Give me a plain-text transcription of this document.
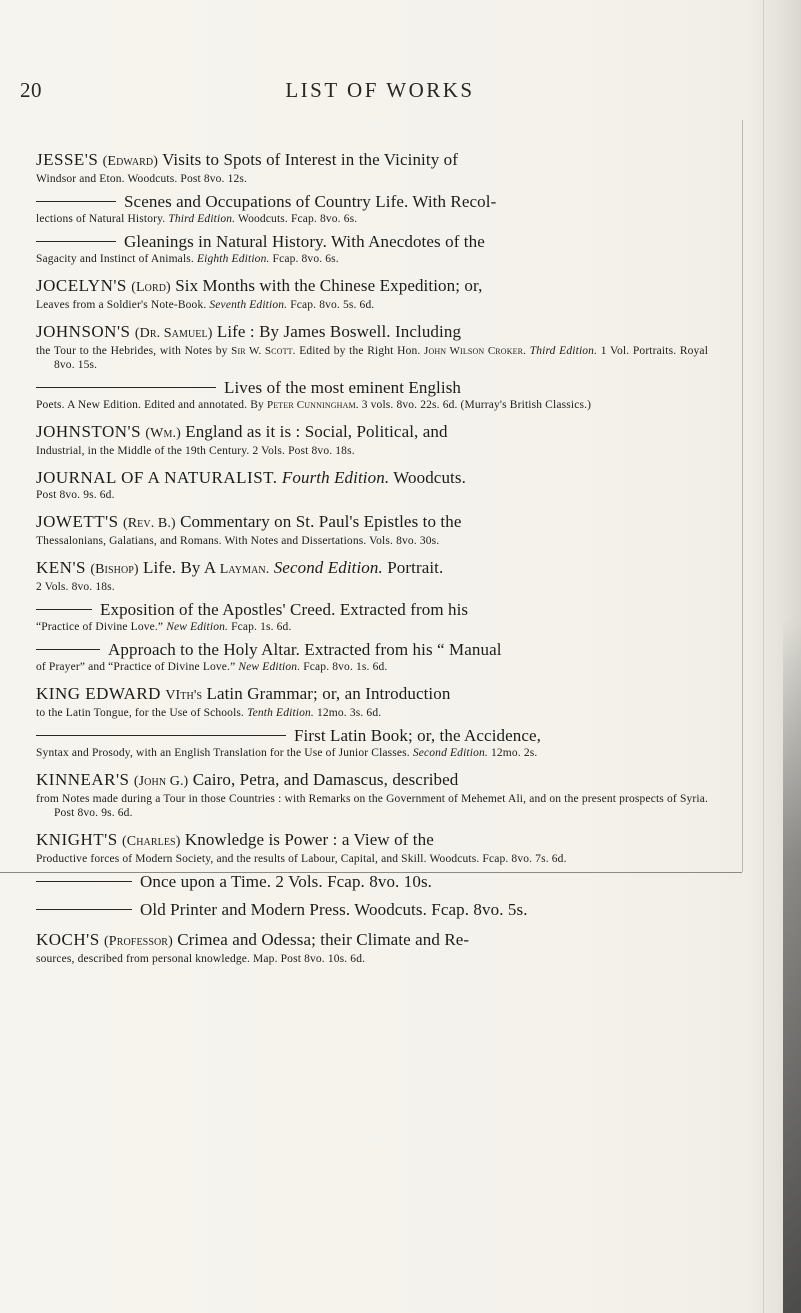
20	LIST OF WORKS
JESSE'S (Edward) Visits to Spots of Interest in the Vicinity of
Windsor and Eton. Woodcuts. Post 8vo. 12s.
Scenes and Occupations of Country Life. With Recol-
lections of Natural History. Third Edition. Woodcuts. Fcap. 8vo. 6s.
Gleanings in Natural History. With Anecdotes of the
Sagacity and Instinct of Animals. Eighth Edition. Fcap. 8vo. 6s.
JOCELYN'S (Lord) Six Months with the Chinese Expedition; or,
Leaves from a Soldier's Note-Book. Seventh Edition. Fcap. 8vo. 5s. 6d.
JOHNSON'S (Dr. Samuel) Life : By James Boswell. Including
the Tour to the Hebrides, with Notes by Sir W. Scott. Edited by the Right Hon. John Wilson Croker. Third Edition. 1 Vol. Portraits. Royal 8vo. 15s.
Lives of the most eminent English
Poets. A New Edition. Edited and annotated. By Peter Cunningham. 3 vols. 8vo. 22s. 6d. (Murray's British Classics.)
JOHNSTON'S (Wm.) England as it is : Social, Political, and
Industrial, in the Middle of the 19th Century. 2 Vols. Post 8vo. 18s.
JOURNAL OF A NATURALIST. Fourth Edition. Woodcuts.
Post 8vo. 9s. 6d.
JOWETT'S (Rev. B.) Commentary on St. Paul's Epistles to the
Thessalonians, Galatians, and Romans. With Notes and Dissertations. Vols. 8vo. 30s.
KEN'S (Bishop) Life. By A Layman. Second Edition. Portrait.
2 Vols. 8vo. 18s.
Exposition of the Apostles' Creed. Extracted from his
“Practice of Divine Love.” New Edition. Fcap. 1s. 6d.
Approach to the Holy Altar. Extracted from his “ Manual
of Prayer” and “Practice of Divine Love.” New Edition. Fcap. 8vo. 1s. 6d.
KING EDWARD VIth's Latin Grammar; or, an Introduction
to the Latin Tongue, for the Use of Schools. Tenth Edition. 12mo. 3s. 6d.
First Latin Book; or, the Accidence,
Syntax and Prosody, with an English Translation for the Use of Junior Classes. Second Edition. 12mo. 2s.
KINNEAR'S (John G.) Cairo, Petra, and Damascus, described
from Notes made during a Tour in those Countries : with Remarks on the Government of Mehemet Ali, and on the present prospects of Syria. Post 8vo. 9s. 6d.
KNIGHT'S (Charles) Knowledge is Power : a View of the
Productive forces of Modern Society, and the results of Labour, Capital, and Skill. Woodcuts. Fcap. 8vo. 7s. 6d.
Once upon a Time. 2 Vols. Fcap. 8vo. 10s.
Old Printer and Modern Press. Woodcuts. Fcap. 8vo. 5s.
KOCH'S (Professor) Crimea and Odessa; their Climate and Re-
sources, described from personal knowledge. Map. Post 8vo. 10s. 6d.
